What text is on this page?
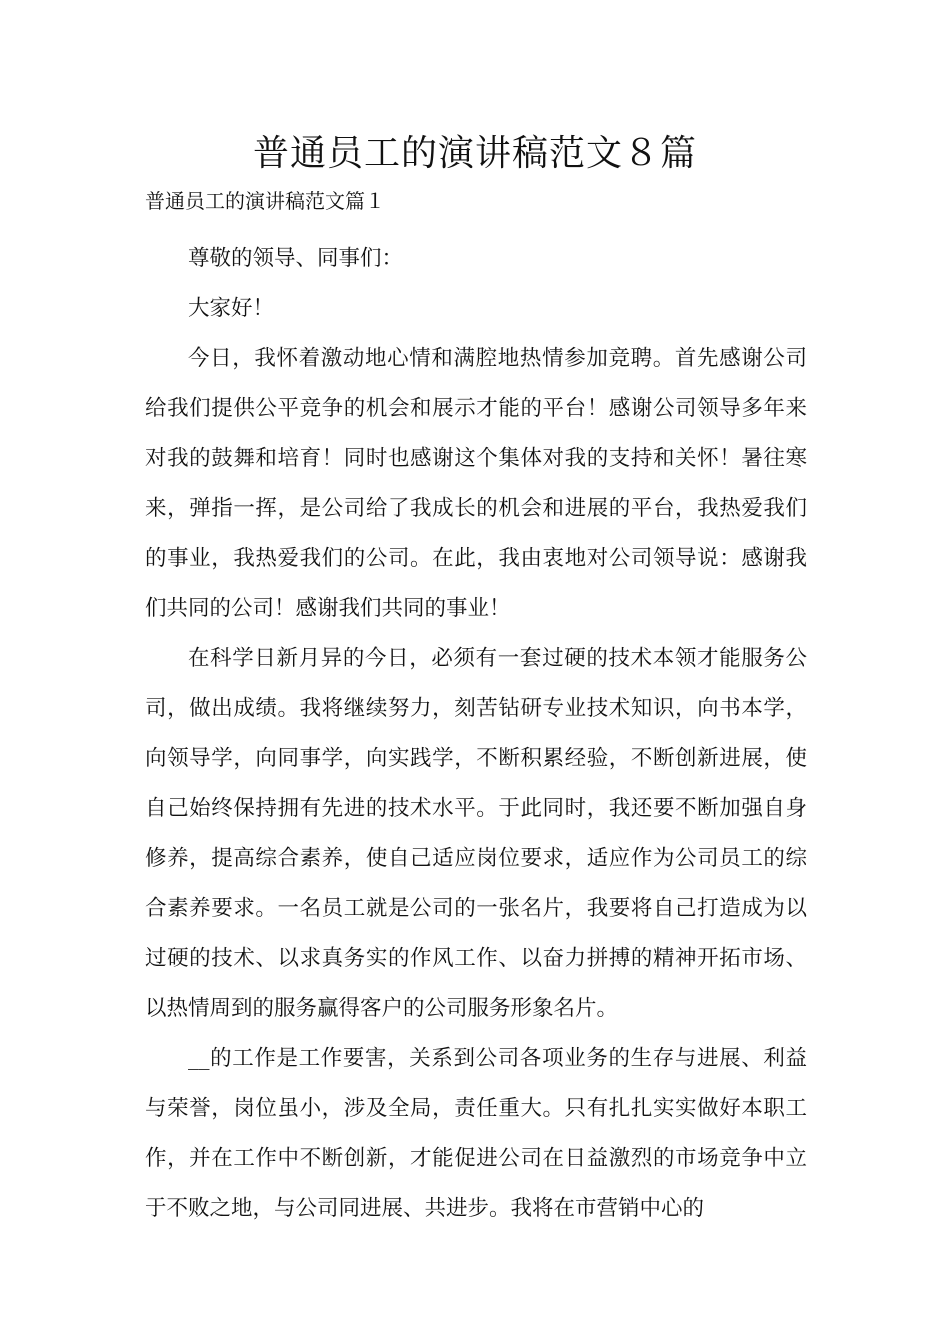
普通员工的演讲稿范文８篇
普通员工的演讲稿范文篇１

尊敬的领导、同事们：

大家好！

今日，我怀着激动地心情和满腔地热情参加竞聘。首先感谢公司给我们提供公平竞争的机会和展示才能的平台！感谢公司领导多年来对我的鼓舞和培育！同时也感谢这个集体对我的支持和关怀！暑往寒来，弹指一挥，是公司给了我成长的机会和进展的平台，我热爱我们的事业，我热爱我们的公司。在此，我由衷地对公司领导说：感谢我们共同的公司！感谢我们共同的事业！

在科学日新月异的今日，必须有一套过硬的技术本领才能服务公司，做出成绩。我将继续努力，刻苦钻研专业技术知识，向书本学，向领导学，向同事学，向实践学，不断积累经验，不断创新进展，使自己始终保持拥有先进的技术水平。于此同时，我还要不断加强自身修养，提高综合素养，使自己适应岗位要求，适应作为公司员工的综合素养要求。一名员工就是公司的一张名片，我要将自己打造成为以过硬的技术、以求真务实的作风工作、以奋力拼搏的精神开拓市场、以热情周到的服务赢得客户的公司服务形象名片。

__的工作是工作要害，关系到公司各项业务的生存与进展、利益与荣誉，岗位虽小，涉及全局，责任重大。只有扎扎实实做好本职工作，并在工作中不断创新，才能促进公司在日益激烈的市场竞争中立于不败之地，与公司同进展、共进步。我将在市营销中心的
